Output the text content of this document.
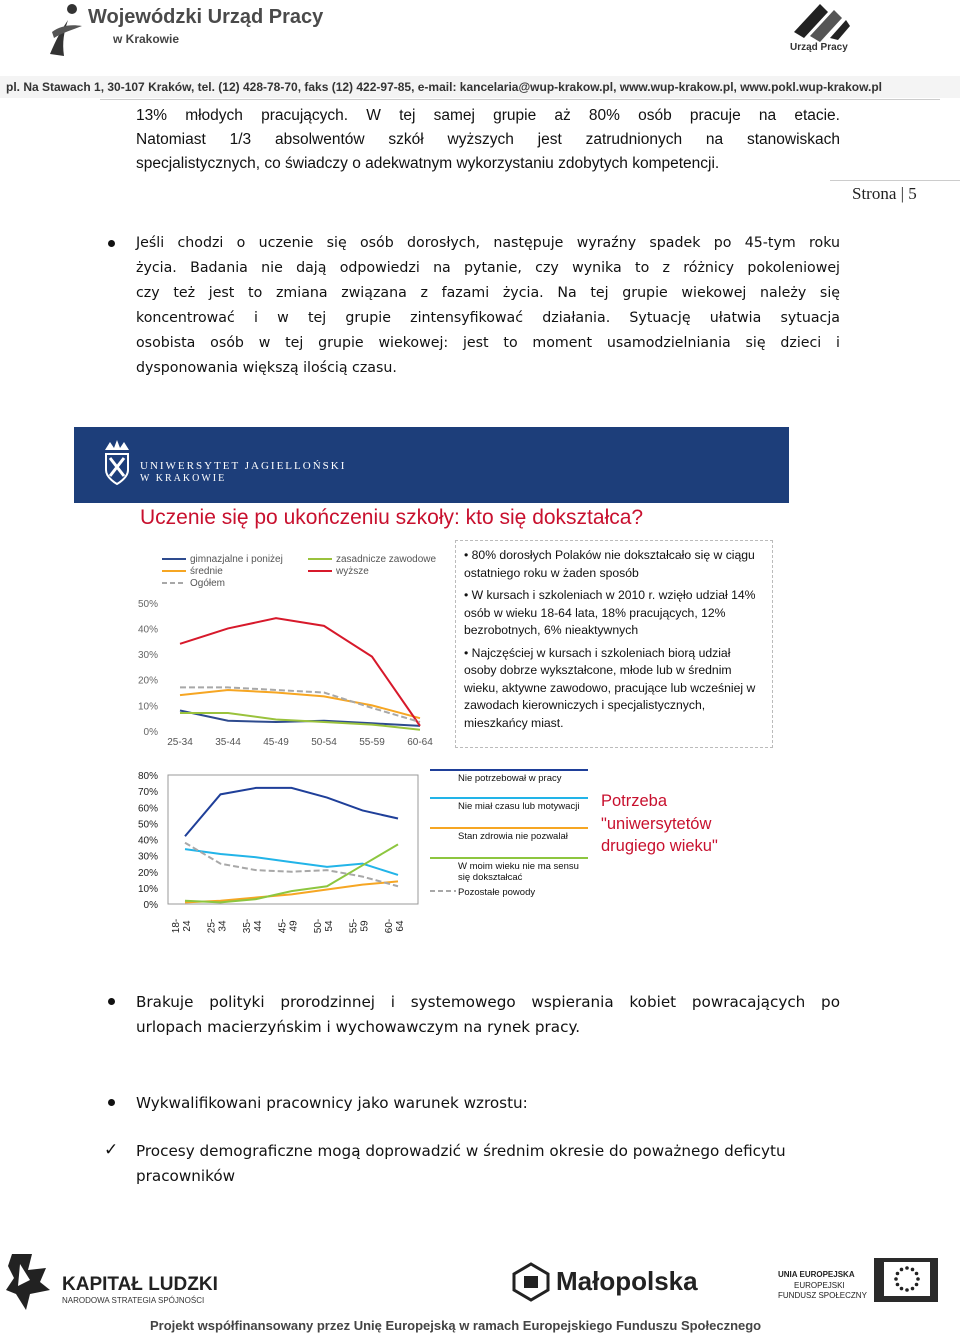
Wojewódzki Urząd Pracy
w Krakowie
Urząd Pracy
pl. Na Stawach 1, 30-107 Kraków, tel. (12) 428-78-70, faks (12) 422-97-85, e-mail: kancelaria@wup-krakow.pl, www.wup-krakow.pl, www.pokl.wup-krakow.pl
Strona | 5
13% młodych pracujących. W tej samej grupie aż 80% osób pracuje na etacie.
Natomiast 1/3 absolwentów szkół wyższych jest zatrudnionych na stanowiskach
specjalistycznych, co świadczy o adekwatnym wykorzystaniu zdobytych kompetencji.
Jeśli chodzi o uczenie się osób dorosłych, następuje wyraźny spadek po 45-tym roku
życia. Badania nie dają odpowiedzi na pytanie, czy wynika to z różnicy pokoleniowej
czy też jest to zmiana związana z fazami życia. Na tej grupie wiekowej należy się
koncentrować i w tej grupie zintensyfikować działania. Sytuację ułatwia sytuacja
osobista osób w tej grupie wiekowej: jest to moment usamodzielniania się dzieci i
dysponowania większą ilością czasu.
UNIWERSYTET JAGIELLOŃSKI
W KRAKOWIE
Uczenie się po ukończeniu szkoły: kto się dokształca?
0%
10%
20%
30%
40%
50%
25-34 35-44 45-49 50-54 55-59 60-64
gimnazjalne i poniżej
średnie
Ogółem
zasadnicze zawodowe
wyższe

• 80% dorosłych Polaków nie dokształcało się w ciągu ostatniego roku w żaden sposób

• W kursach i szkoleniach w 2010 r. wzięło udział 14% osób w wieku 18-64 lata, 18% pracujących, 12% bezrobotnych, 6% nieaktywnych

• Najczęściej w kursach i szkoleniach biorą udział osoby dobrze wykształcone, młode lub w średnim wieku, aktywne zawodowo, pracujące lub wcześniej w zawodach kierowniczych i specjalistycznych, mieszkańcy miast.

0%
10%
20%
30%
40%
50%
60%
70%
80%
18-24 25-34 35-44 45-49 50-54 55-59 60-64
Nie potrzebował w pracy
Nie miał czasu lub motywacji
Stan zdrowia nie pozwalał
W moim wieku nie ma sensu się dokształcać
Pozostałe powody
Potrzeba
"uniwersytetów
drugiego wieku"
Brakuje polityki prorodzinnej i systemowego wspierania kobiet powracających po
urlopach macierzyńskim i wychowawczym na rynek pracy.
Wykwalifikowani pracownicy jako warunek wzrostu:
✓ Procesy demograficzne mogą doprowadzić w średnim okresie do poważnego deficytu
pracowników
KAPITAŁ LUDZKI
NARODOWA STRATEGIA SPÓJNOŚCI
Małopolska	UNIA EUROPEJSKA
EUROPEJSKI
FUNDUSZ SPOŁECZNY
Projekt współfinansowany przez Unię Europejską w ramach Europejskiego Funduszu Społecznego
